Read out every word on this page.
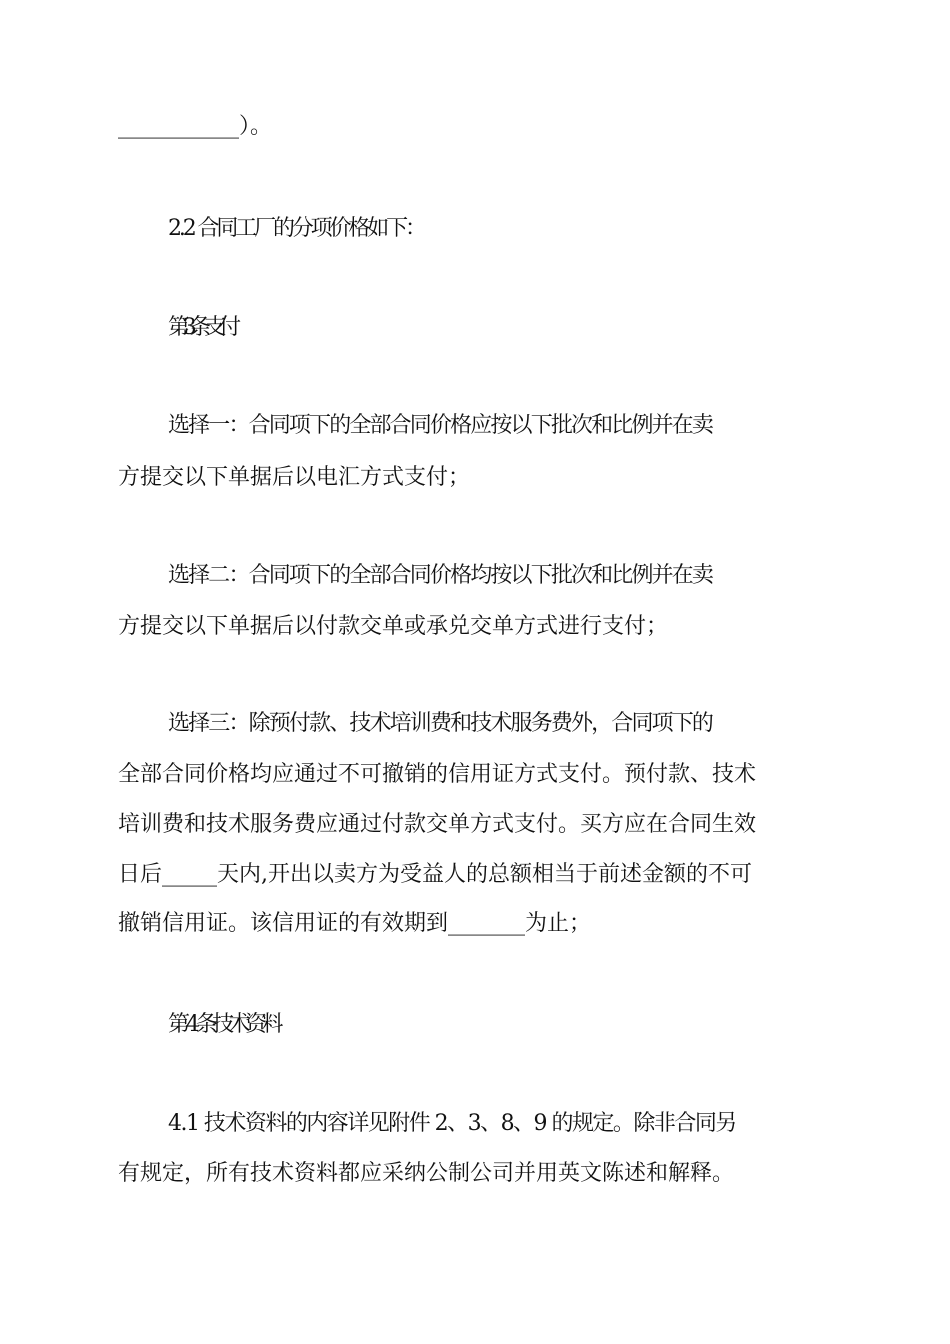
___________）。

2.2 合同工厂的分项价格如下：

第 3 条支付

选择一：合同项下的全部合同价格应按以下批次和比例并在卖

方提交以下单据后以电汇方式支付；

选择二：合同项下的全部合同价格均按以下批次和比例并在卖

方提交以下单据后以付款交单或承兑交单方式进行支付；

选择三：除预付款、技术培训费和技术服务费外，合同项下的

全部合同价格均应通过不可撤销的信用证方式支付。预付款、技术

培训费和技术服务费应通过付款交单方式支付。买方应在合同生效

日后_____天内,开出以卖方为受益人的总额相当于前述金额的不可

撤销信用证。该信用证的有效期到_______为止；

第 4 条技术资料

4.1 技术资料的内容详见附件 2、3、8、9 的规定。除非合同另

有规定，所有技术资料都应采纳公制公司并用英文陈述和解释。
